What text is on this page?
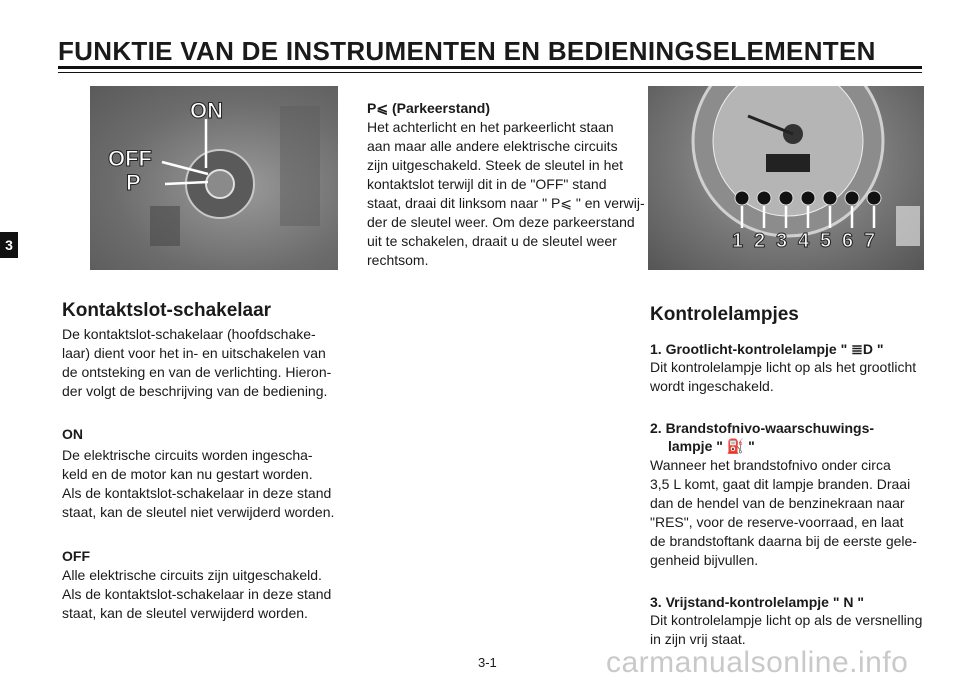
FUNKTIE VAN DE INSTRUMENTEN EN BEDIENINGSELEMENTEN
3
ON
OFF
P
P⩽ (Parkeerstand)
Het achterlicht en het parkeerlicht staan
aan maar alle andere elektrische circuits
zijn uitgeschakeld. Steek de sleutel in het
kontaktslot terwijl dit in de "OFF" stand
staat, draai dit linksom naar " P⩽ " en verwij-
der de sleutel weer. Om deze parkeerstand
uit te schakelen, draait u de sleutel weer
rechtsom.
1 2 3 4 5 6 7
Kontaktslot-schakelaar
De kontaktslot-schakelaar (hoofdschake-
laar) dient voor het in- en uitschakelen van
de ontsteking en van de verlichting. Hieron-
der volgt de beschrijving van de bediening.
ON
De elektrische circuits worden ingescha-
keld en de motor kan nu gestart worden.
Als de kontaktslot-schakelaar in deze stand
staat, kan de sleutel niet verwijderd worden.
OFF
Alle elektrische circuits zijn uitgeschakeld.
Als de kontaktslot-schakelaar in deze stand
staat, kan de sleutel verwijderd worden.
Kontrolelampjes
1. Grootlicht-kontrolelampje " ≣D "
Dit kontrolelampje licht op als het grootlicht
wordt ingeschakeld.
2. Brandstofnivo-waarschuwings-
lampje " ⛽ "
Wanneer het brandstofnivo onder circa
3,5 L komt, gaat dit lampje branden. Draai
dan de hendel van de benzinekraan naar
"RES", voor de reserve-voorraad, en laat
de brandstoftank daarna bij de eerste gele-
genheid bijvullen.
3. Vrijstand-kontrolelampje " N "
Dit kontrolelampje licht op als de versnelling
in zijn vrij staat.
3-1	carmanualsonline.info
